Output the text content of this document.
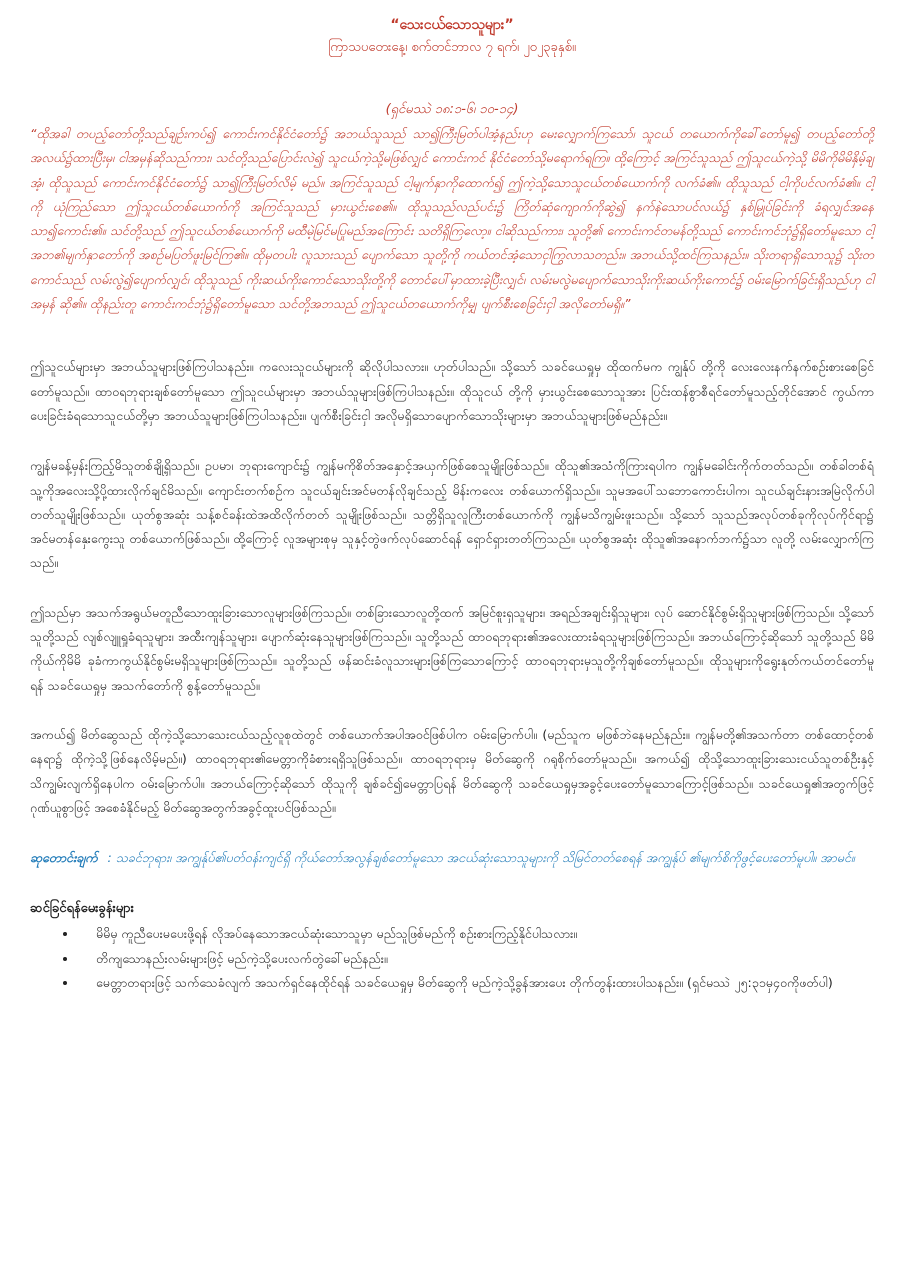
“သေးငယ်သောသူများ”

ကြာသပတေးနေ့၊ စက်တင်ဘာလ ၇ ရက်၊ ၂၀၂၃ခုနှစ်။

(ရှင်မဿဲ ၁၈:၁-၆၊ ၁၀-၁၄)

“ထိုအခါ တပည့်တော်တို့သည်ချဉ်းကပ်၍ ကောင်းကင်နိုင်ငံတော်၌ အဘယ်သူသည် သာ၍ကြီးမြတ်ပါအံ့နည်းဟု မေးလျှောက်ကြသော်၊ သူငယ် တယောက်ကိုခေါ်တော်မူ၍ တပည့်တော်တို့အလယ်၌ထားပြီးမှ၊ ငါအမှန်ဆိုသည်ကား၊ သင်တို့သည်ပြောင်းလဲ၍ သူငယ်ကဲ့သို့မဖြစ်လျှင် ကောင်းကင် နိုင်ငံတော်သို့မရောက်ရကြ။ ထို့ကြောင့် အကြင်သူသည် ဤသူငယ်ကဲ့သို့ မိမိကိုမိမိနှိမ့်ချအံ့၊ ထိုသူသည် ကောင်းကင်နိုင်ငံတော်၌ သာ၍ကြီးမြတ်လိမ့် မည်။ အကြင်သူသည် ငါ့မျက်နှာကိုထောက်၍ ဤကဲ့သို့သောသူငယ်တစ်ယောက်ကို လက်ခံ၏။ ထိုသူသည် ငါ့ကိုပင်လက်ခံ၏။ ငါ့ကို ယုံကြည်သော ဤသူငယ်တစ်ယောက်ကို အကြင်သူသည် မှားယွင်းစေ၏။ ထိုသူသည်လည်ပင်း၌ ကြိတ်ဆုံကျောက်ကိုဆွဲ၍ နက်နဲသောပင်လယ်၌ နှစ်မြှုပ်ခြင်းကို ခံရလျှင်အနေသာ၍ကောင်း၏။ သင်တို့သည် ဤသူငယ်တစ်ယောက်ကို မထီမဲ့မြင်မပြုမည်အကြောင်း သတိရှိကြလော့။ ငါဆိုသည်ကား၊ သူတို့၏ ကောင်းကင်တမန်တို့သည် ကောင်းကင်ဘုံ၌ရှိတော်မူသော ငါ့အဘ၏မျက်နှာတော်ကို အစဉ်မပြတ်ဖူးမြင်ကြ၏။ ထိုမှတပါး လူသားသည် ပျောက်သော သူတို့ကို ကယ်တင်အံ့သောငှါကြွလာသတည်း။ အဘယ်သို့ထင်ကြသနည်း။ သိုးတရာရှိသောသူ၌ သိုးတကောင်သည် လမ်းလွဲ၍ပျောက်လျှင်၊ ထိုသူသည် ကိုးဆယ်ကိုးကောင်သောသိုးတို့ကို တောင်ပေါ်မှာထားခဲ့ပြီးလျှင်၊ လမ်းမလွဲမပျောက်သောသိုးကိုးဆယ်ကိုးကောင်၌ ဝမ်းမြောက်ခြင်းရှိသည်ဟု ငါအမှန် ဆို၏။ ထိုနည်းတူ ကောင်းကင်ဘုံ၌ရှိတော်မူသော သင်တို့အဘသည် ဤသူငယ်တယောက်ကိုမျှ ပျက်စီးစေခြင်းငှါ အလိုတော်မရှိ။”

ဤသူငယ်များမှာ အဘယ်သူများဖြစ်ကြပါသနည်း။ ကလေးသူငယ်များကို ဆိုလိုပါသလား။ ဟုတ်ပါသည်။ သို့သော် သခင်ယေရှုမှ ထိုထက်မက ကျွန်ုပ် တို့ကို လေးလေးနက်နက်စဉ်းစားစေခြင်တော်မူသည်။ ထာဝရဘုရားချစ်တော်မူသော ဤသူငယ်များမှာ အဘယ်သူများဖြစ်ကြပါသနည်း။ ထိုသူငယ် တို့ကို မှားယွင်းစေသောသူအား ပြင်းထန်စွာစီရင်တော်မူသည့်တိုင်အောင် ကွယ်ကာပေးခြင်းခံရသောသူငယ်တို့မှာ အဘယ်သူများဖြစ်ကြပါသနည်း။ ပျက်စီးခြင်းငှါ အလိုမရှိသောပျောက်သောသိုးများမှာ အဘယ်သူများဖြစ်မည်နည်း။

ကျွန်မခန့်မှန်းကြည့်မိသူတစ်ချို့ရှိသည်။ ဥပမာ၊ ဘုရားကျောင်း၌ ကျွန်မကိုစိတ်အနှောင့်အယှက်ဖြစ်စေသူမျိုးဖြစ်သည်။ ထိုသူ၏အသံကိုကြားရပါက ကျွန်မခေါင်းကိုက်တတ်သည်။ တစ်ခါတစ်ရံ သူ့ကိုအလေးသို့ပို့ထားလိုက်ချင်မိသည်။ ကျောင်းတက်စဉ်က သူငယ်ချင်းအင်မတန်လိုချင်သည့် မိန်းကလေး တစ်ယောက်ရှိသည်။ သူမအပေါ်သဘောကောင်းပါက၊ သူငယ်ချင်းနားအမြဲလိုက်ပါတတ်သူမျိုးဖြစ်သည်။ ယုတ်စွအဆုံး သန့်စင်ခန်းထဲအထိလိုက်တတ် သူမျိုးဖြစ်သည်။ သတ္တိရှိသူလူကြီးတစ်ယောက်ကို ကျွန်မသိကျွမ်းဖူးသည်။ သို့သော် သူသည်အလုပ်တစ်ခုကိုလုပ်ကိုင်ရာ၌ အင်မတန်နှေးကွေးသူ တစ်ယောက်ဖြစ်သည်။ ထို့ကြောင့် လူအများစုမှ သူနှင့်တွဲဖက်လုပ်ဆောင်ရန် ရှောင်ရှားတတ်ကြသည်။ ယုတ်စွအဆုံး ထိုသူ၏အနောက်ဘက်၌သာ လူတို့ လမ်းလျှောက်ကြသည်။

ဤသည်မှာ အသက်အရွယ်မတူညီသောထူးခြားသောလူများဖြစ်ကြသည်။ တစ်ခြားသောလူတို့ထက် အမြင်စူးရှသူများ၊ အရည်အချင်းရှိသူများ၊ လုပ် ဆောင်နိုင်စွမ်းရှိသူများဖြစ်ကြသည်။ သို့သော် သူတို့သည် လျစ်လျူရှုခံရသူများ၊ အထီးကျန်သူများ၊ ပျောက်ဆုံးနေသူများဖြစ်ကြသည်။ သူတို့သည် ထာဝရဘုရား၏အလေးထားခံရသူများဖြစ်ကြသည်။ အဘယ်ကြောင့်ဆိုသော် သူတို့သည် မိမိကိုယ်ကိုမိမိ ခုခံကာကွယ်နိုင်စွမ်းမရှိသူများဖြစ်ကြသည်။ သူတို့သည် ဖန်ဆင်းခံလူသားများဖြစ်ကြသောကြောင့် ထာဝရဘုရားမှသူတို့ကိုချစ်တော်မူသည်။ ထိုသူများကိုရွေးနုတ်ကယ်တင်တော်မူရန် သခင်ယေရှုမှ အသက်တော်ကို စွန့်တော်မူသည်။

အကယ်၍ မိတ်ဆွေသည် ထိုကဲ့သို့သောသေးငယ်သည့်လူစုထဲတွင် တစ်ယောက်အပါအဝင်ဖြစ်ပါက ဝမ်းမြောက်ပါ။ (မည်သူက မဖြစ်ဘဲနေမည်နည်း။ ကျွန်မတို့၏အသက်တာ တစ်ထောင့်တစ်နေရာ၌ ထိုကဲ့သို့ဖြစ်နေလိမ့်မည်။) ထာဝရဘုရား၏မေတ္တာကိုခံစားရရှိသူဖြစ်သည်။ ထာဝရဘုရားမှ မိတ်ဆွေကို ဂရုစိုက်တော်မူသည်။ အကယ်၍ ထိုသို့သောထူးခြားသေးငယ်သူတစ်ဦးနှင့် သိကျွမ်းလျက်ရှိနေပါက ဝမ်းမြောက်ပါ။ အဘယ်ကြောင့်ဆိုသော် ထိုသူကို ချစ်ခင်၍မေတ္တာပြရန် မိတ်ဆွေကို သခင်ယေရှုမှအခွင့်ပေးတော်မူသောကြောင့်ဖြစ်သည်။ သခင်ယေရှု၏အတွက်ဖြင့် ဂုဏ်ယူစွာဖြင့် အစေခံနိုင်မည့် မိတ်ဆွေအတွက်အခွင့်ထူးပင်ဖြစ်သည်။

ဆုတောင်းချက် : သခင်ဘုရား၊ အကျွန်ုပ်၏ပတ်ဝန်းကျင်ရှိ ကိုယ်တော်အလွန်ချစ်တော်မူသော အငယ်ဆုံးသောသူများကို သိမြင်တတ်စေရန် အကျွန်ုပ် ၏မျက်စိကိုဖွင့်ပေးတော်မူပါ။ အာမင်။

ဆင်ခြင်ရန်မေးခွန်းများ
• မိမိမှ ကူညီပေးမပေးဖို့ရန် လိုအပ်နေသောအငယ်ဆုံးသောသူမှာ မည်သူဖြစ်မည်ကို စဉ်းစားကြည့်နိုင်ပါသလား။
• တိကျသောနည်းလမ်းများဖြင့် မည်ကဲ့သို့ပေးလက်တွဲခေါ်မည်နည်း။
• မေတ္တာတရားဖြင့် သက်သေခံလျက် အသက်ရှင်နေထိုင်ရန် သခင်ယေရှုမှ မိတ်ဆွေကို မည်ကဲ့သို့ခွန်အားပေး တိုက်တွန်းထားပါသနည်း။ (ရှင်မဿဲ ၂၅:၃၁မှ၄၀ကိုဖတ်ပါ)
